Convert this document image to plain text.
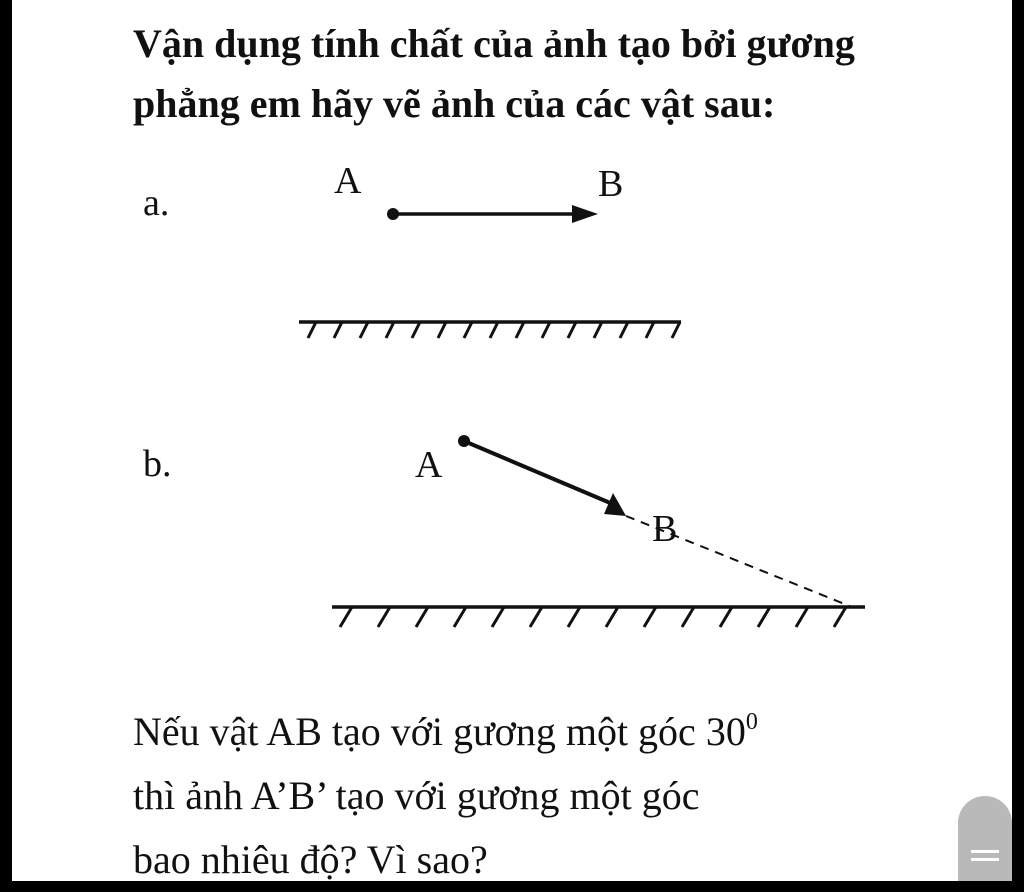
Vận dụng tính chất của ảnh tạo bởi gương
phẳng em hãy vẽ ảnh của các vật sau:
a.
A	B
b.	A
B
Nếu vật AB tạo với gương một góc $30^0$
thì ảnh A’B’ tạo với gương một góc
bao nhiêu độ? Vì sao?
